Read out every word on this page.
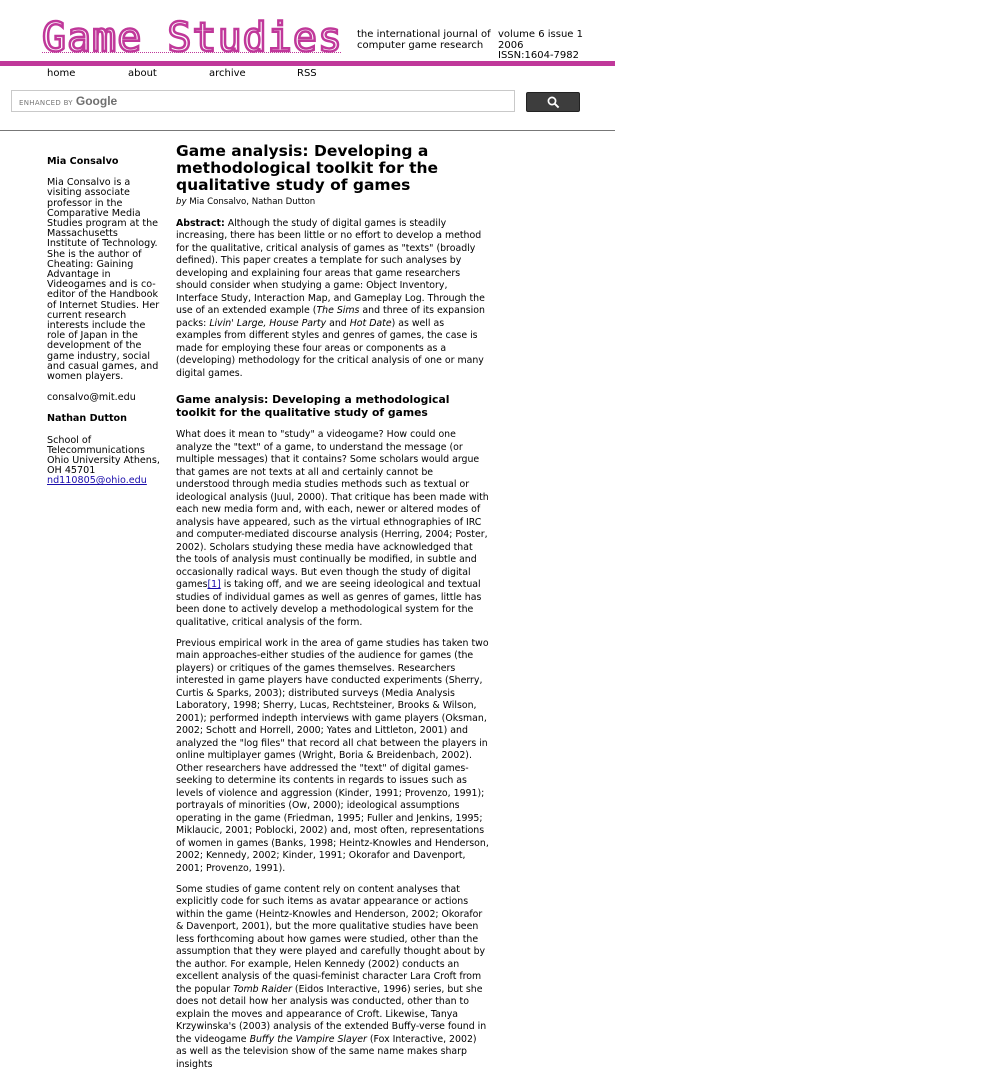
Game Studies the international journal of computer game research
volume 6 issue 1
2006
ISSN:1604-7982
home	about	archive	RSS
ENHANCED BY Google

Mia Consalvo

Mia Consalvo is a visiting associate professor in the Comparative Media Studies program at the Massachusetts Institute of Technology. She is the author of Cheating: Gaining Advantage in Videogames and is co-editor of the Handbook of Internet Studies. Her current research interests include the role of Japan in the development of the game industry, social and casual games, and women players.

consalvo@mit.edu

Nathan Dutton

School of
Telecommunications
Ohio University Athens,
OH 45701

nd110805@ohio.edu

Game analysis: Developing a methodological toolkit for the qualitative study of games
by Mia Consalvo, Nathan Dutton

Abstract: Although the study of digital games is steadily increasing, there has been little or no effort to develop a method for the qualitative, critical analysis of games as "texts" (broadly defined). This paper creates a template for such analyses by developing and explaining four areas that game researchers should consider when studying a game: Object Inventory, Interface Study, Interaction Map, and Gameplay Log. Through the use of an extended example (The Sims and three of its expansion packs: Livin' Large, House Party and Hot Date) as well as examples from different styles and genres of games, the case is made for employing these four areas or components as a (developing) methodology for the critical analysis of one or many digital games.

Game analysis: Developing a methodological toolkit for the qualitative study of games

What does it mean to "study" a videogame? How could one analyze the "text" of a game, to understand the message (or multiple messages) that it contains? Some scholars would argue that games are not texts at all and certainly cannot be understood through media studies methods such as textual or ideological analysis (Juul, 2000). That critique has been made with each new media form and, with each, newer or altered modes of analysis have appeared, such as the virtual ethnographies of IRC and computer-mediated discourse analysis (Herring, 2004; Poster, 2002). Scholars studying these media have acknowledged that the tools of analysis must continually be modified, in subtle and occasionally radical ways. But even though the study of digital games[1] is taking off, and we are seeing ideological and textual studies of individual games as well as genres of games, little has been done to actively develop a methodological system for the qualitative, critical analysis of the form.

Previous empirical work in the area of game studies has taken two main approaches-either studies of the audience for games (the players) or critiques of the games themselves. Researchers interested in game players have conducted experiments (Sherry, Curtis & Sparks, 2003); distributed surveys (Media Analysis Laboratory, 1998; Sherry, Lucas, Rechtsteiner, Brooks & Wilson, 2001); performed indepth interviews with game players (Oksman, 2002; Schott and Horrell, 2000; Yates and Littleton, 2001) and analyzed the "log files" that record all chat between the players in online multiplayer games (Wright, Boria & Breidenbach, 2002). Other researchers have addressed the "text" of digital games-seeking to determine its contents in regards to issues such as levels of violence and aggression (Kinder, 1991; Provenzo, 1991); portrayals of minorities (Ow, 2000); ideological assumptions operating in the game (Friedman, 1995; Fuller and Jenkins, 1995; Miklaucic, 2001; Poblocki, 2002) and, most often, representations of women in games (Banks, 1998; Heintz-Knowles and Henderson, 2002; Kennedy, 2002; Kinder, 1991; Okorafor and Davenport, 2001; Provenzo, 1991).

Some studies of game content rely on content analyses that explicitly code for such items as avatar appearance or actions within the game (Heintz-Knowles and Henderson, 2002; Okorafor & Davenport, 2001), but the more qualitative studies have been less forthcoming about how games were studied, other than the assumption that they were played and carefully thought about by the author. For example, Helen Kennedy (2002) conducts an excellent analysis of the quasi-feminist character Lara Croft from the popular Tomb Raider (Eidos Interactive, 1996) series, but she does not detail how her analysis was conducted, other than to explain the moves and appearance of Croft. Likewise, Tanya Krzywinska's (2003) analysis of the extended Buffy-verse found in the videogame Buffy the Vampire Slayer (Fox Interactive, 2002) as well as the television show of the same name makes sharp insights
